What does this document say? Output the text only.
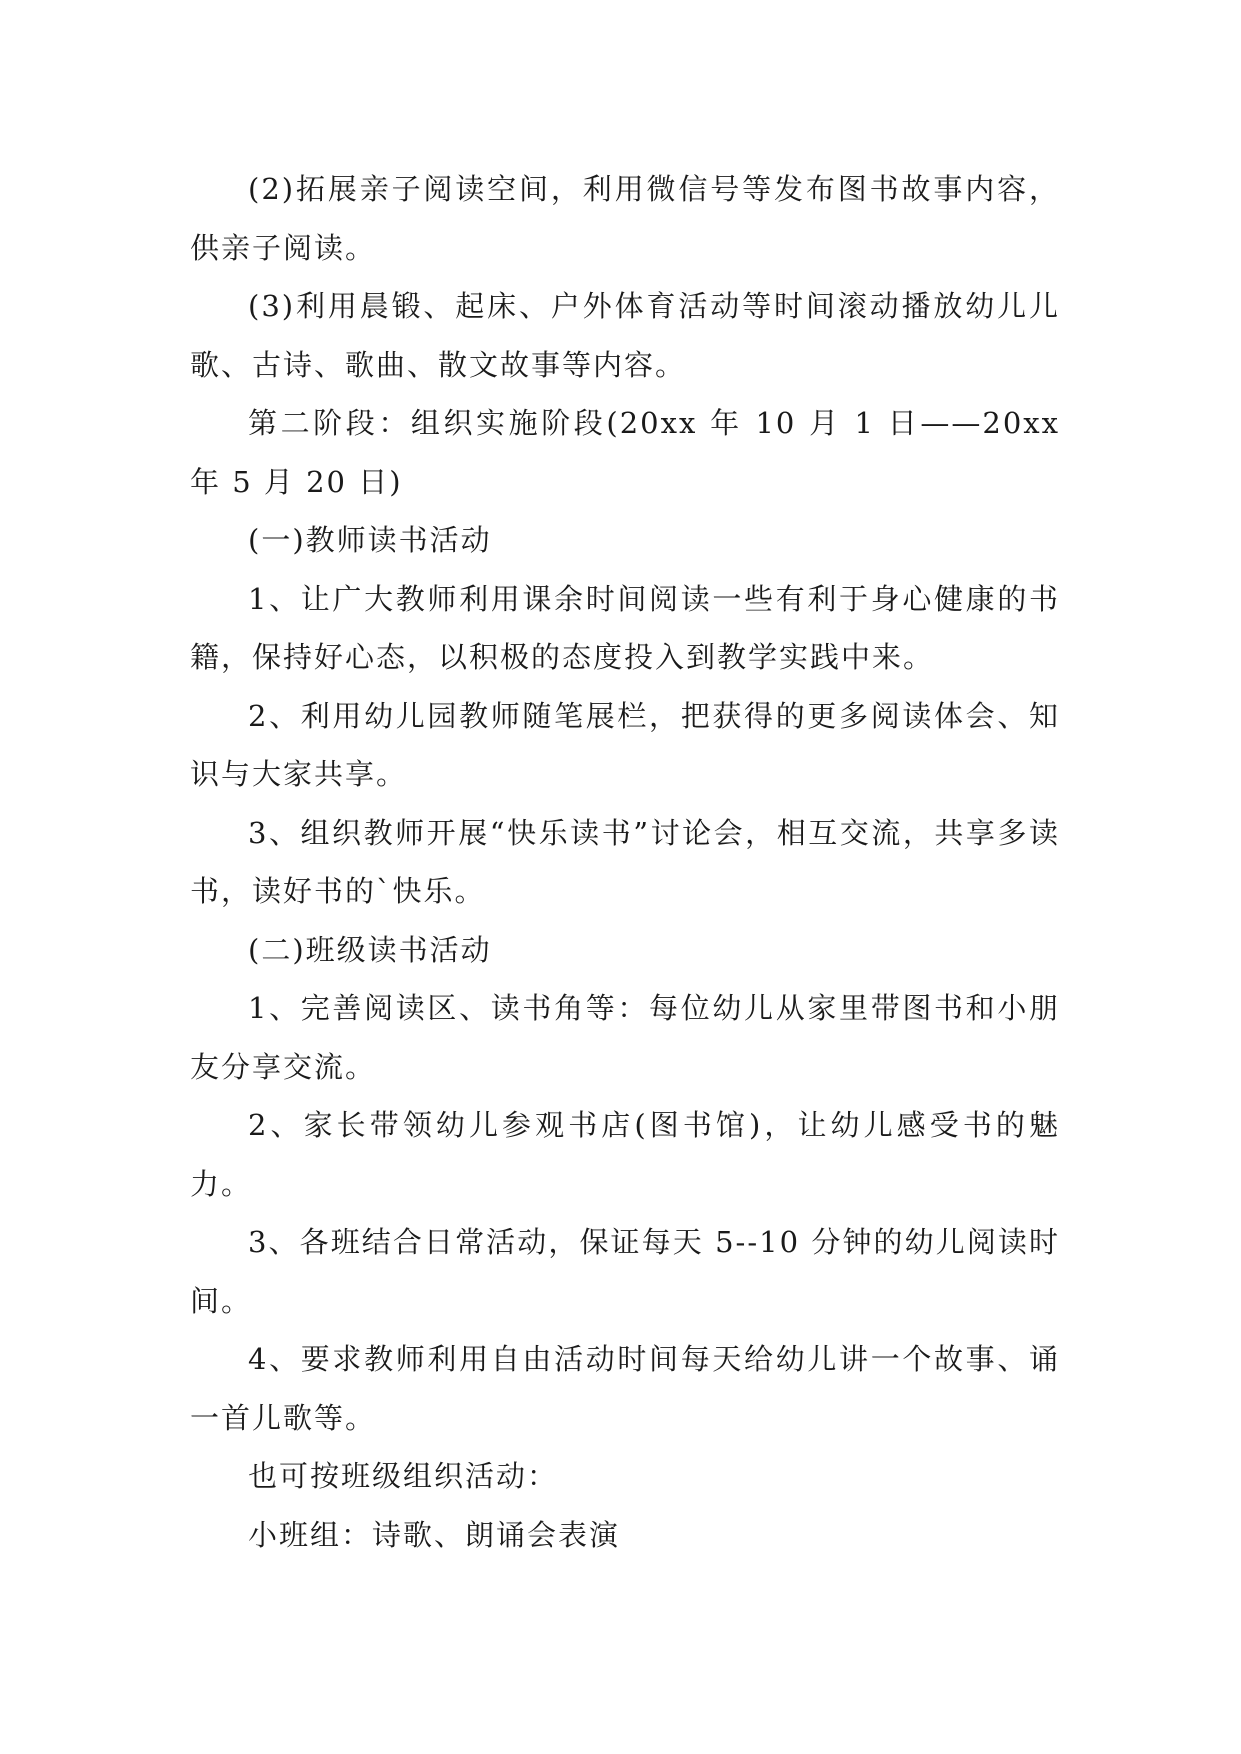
(2)拓展亲子阅读空间，利用微信号等发布图书故事内容，供亲子阅读。

(3)利用晨锻、起床、户外体育活动等时间滚动播放幼儿儿歌、古诗、歌曲、散文故事等内容。

第二阶段：组织实施阶段(20xx 年 10 月 1 日——20xx 年 5 月 20 日)

(一)教师读书活动

1、让广大教师利用课余时间阅读一些有利于身心健康的书籍，保持好心态，以积极的态度投入到教学实践中来。

2、利用幼儿园教师随笔展栏，把获得的更多阅读体会、知识与大家共享。

3、组织教师开展“快乐读书”讨论会，相互交流，共享多读书，读好书的`快乐。

(二)班级读书活动

1、完善阅读区、读书角等：每位幼儿从家里带图书和小朋友分享交流。

2、家长带领幼儿参观书店(图书馆)，让幼儿感受书的魅力。

3、各班结合日常活动，保证每天 5--10 分钟的幼儿阅读时间。

4、要求教师利用自由活动时间每天给幼儿讲一个故事、诵一首儿歌等。

也可按班级组织活动：

小班组：诗歌、朗诵会表演
